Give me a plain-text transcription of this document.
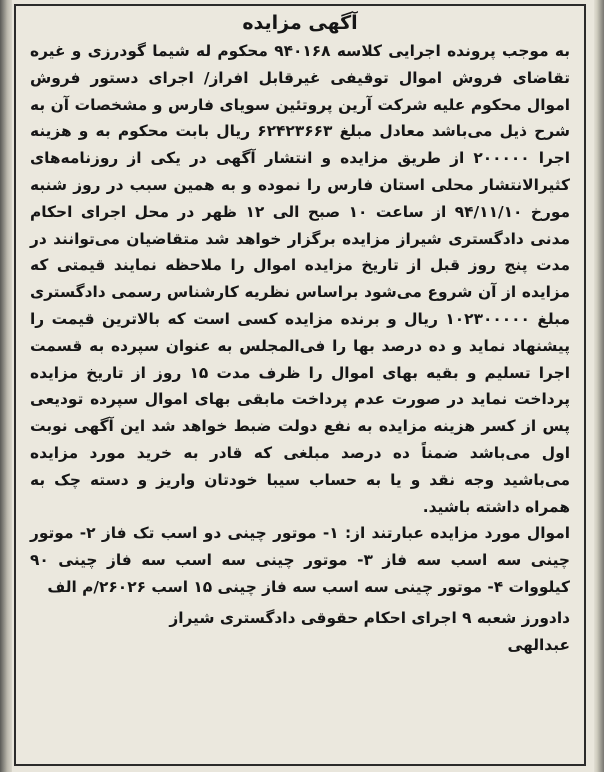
آگهی مزایده

به موجب پرونده اجرایی کلاسه ۹۴۰۱۶۸ محکوم له شیما گودرزی و غیره تقاضای فروش اموال توقیفی غیرقابل افراز/ اجرای دستور فروش اموال محکوم علیه شرکت آرین پروتئین سویای فارس و مشخصات آن به شرح ذیل می‌باشد معادل مبلغ ۶۲۴۲۳۶۶۳ ریال بابت محکوم به و هزینه اجرا ۲۰۰۰۰۰ از طریق مزایده و انتشار آگهی در یکی از روزنامه‌های کثیرالانتشار محلی استان فارس را نموده و به همین سبب در روز شنبه مورخ ۹۴/۱۱/۱۰ از ساعت ۱۰ صبح الی ۱۲ ظهر در محل اجرای احکام مدنی دادگستری شیراز مزایده برگزار خواهد شد متقاضیان می‌توانند در مدت پنج روز قبل از تاریخ مزایده اموال را ملاحظه نمایند قیمتی که مزایده از آن شروع می‌شود براساس نظریه کارشناس رسمی دادگستری مبلغ ۱۰۲۳۰۰۰۰۰ ریال و برنده مزایده کسی است که بالاترین قیمت را پیشنهاد نماید و ده درصد بها را فی‌المجلس به عنوان سپرده به قسمت اجرا تسلیم و بقیه بهای اموال را ظرف مدت ۱۵ روز از تاریخ مزایده پرداخت نماید در صورت عدم پرداخت مابقی بهای اموال سپرده تودیعی پس از کسر هزینه مزایده به نفع دولت ضبط خواهد شد این آگهی نوبت اول می‌باشد ضمناً ده درصد مبلغی که قادر به خرید مورد مزایده می‌باشید وجه نقد و یا به حساب سیبا خودتان واریز و دسته چک به همراه داشته باشید.

اموال مورد مزایده عبارتند از: ۱- موتور چینی دو اسب تک فاز ۲- موتور چینی سه اسب سه فاز ۳- موتور چینی سه اسب سه فاز چینی ۹۰ کیلووات ۴- موتور چینی سه اسب سه فاز چینی ۱۵ اسب ۲۶۰۲۶/م الف

دادورز شعبه ۹ اجرای احکام حقوقی دادگستری شیراز
عبدالهی
